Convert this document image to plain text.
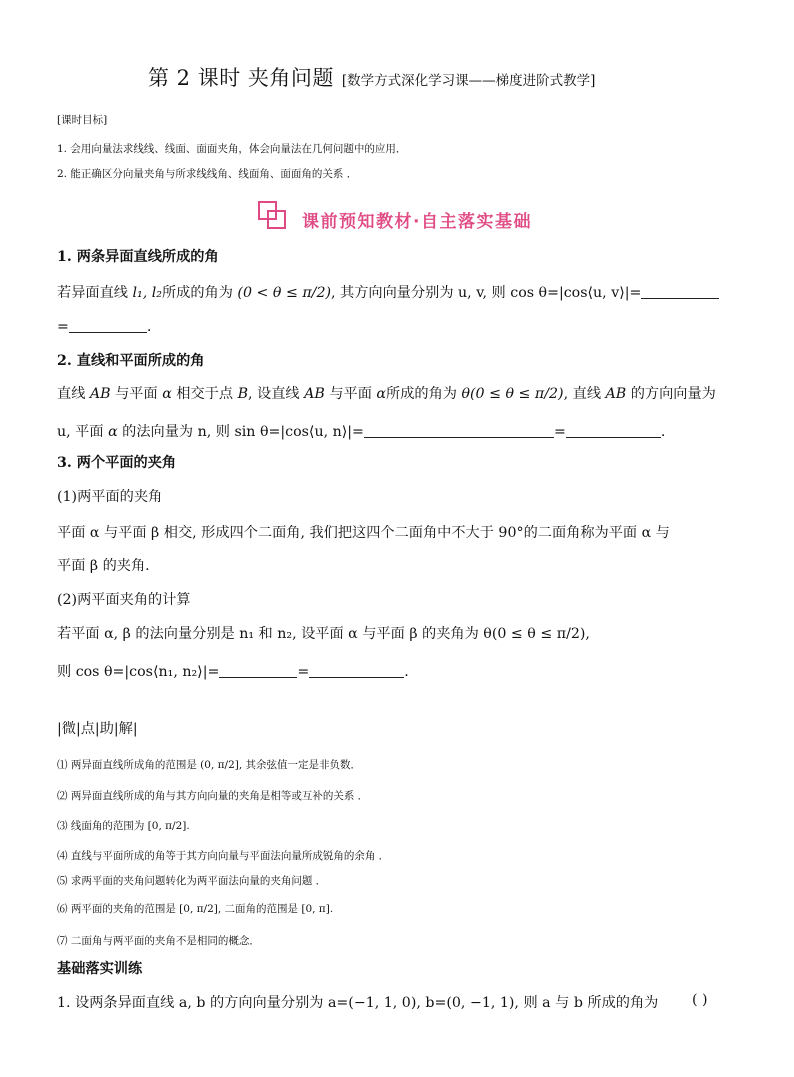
第 2 课时 夹角问题 [数学方式深化学习课——梯度进阶式教学]
[课时目标]
1. 会用向量法求线线、线面、面面夹角，体会向量法在几何问题中的应用．
2. 能正确区分向量夹角与所求线线角、线面角、面面角的关系 ．
课前预知教材·自主落实基础
1. 两条异面直线所成的角
若异面直线 l₁, l₂所成的角为 (0 < θ ≤ π/2), 其方向向量分别为 u, v, 则 cos θ=|cos⟨u, v⟩|=
=	.
2. 直线和平面所成的角
直线 AB 与平面 α 相交于点 B, 设直线 AB 与平面 α所成的角为 θ(0 ≤ θ ≤ π/2), 直线 AB 的方向向量为
u, 平面 α 的法向量为 n, 则 sin θ=|cos⟨u, n⟩|=	=	.
3. 两个平面的夹角
(1)两平面的夹角
平面 α 与平面 β 相交, 形成四个二面角, 我们把这四个二面角中不大于 90°的二面角称为平面 α 与
平面 β 的夹角.
(2)两平面夹角的计算
若平面 α, β 的法向量分别是 n₁ 和 n₂, 设平面 α 与平面 β 的夹角为 θ(0 ≤ θ ≤ π/2),
则 cos θ=|cos⟨n₁, n₂⟩|=	=	.
|微|点|助|解|
⑴ 两异面直线所成角的范围是 (0, π/2], 其余弦值一定是非负数．
⑵ 两异面直线所成的角与其方向向量的夹角是相等或互补的关系 ．
⑶ 线面角的范围为 [0, π/2].
⑷ 直线与平面所成的角等于其方向向量与平面法向量所成锐角的余角 ．
⑸ 求两平面的夹角问题转化为两平面法向量的夹角问题 ．
⑹ 两平面的夹角的范围是 [0, π/2], 二面角的范围是 [0, π].
⑺ 二面角与两平面的夹角不是相同的概念．
基础落实训练
1. 设两条异面直线 a, b 的方向向量分别为 a=(−1, 1, 0), b=(0, −1, 1), 则 a 与 b 所成的角为 ( )
